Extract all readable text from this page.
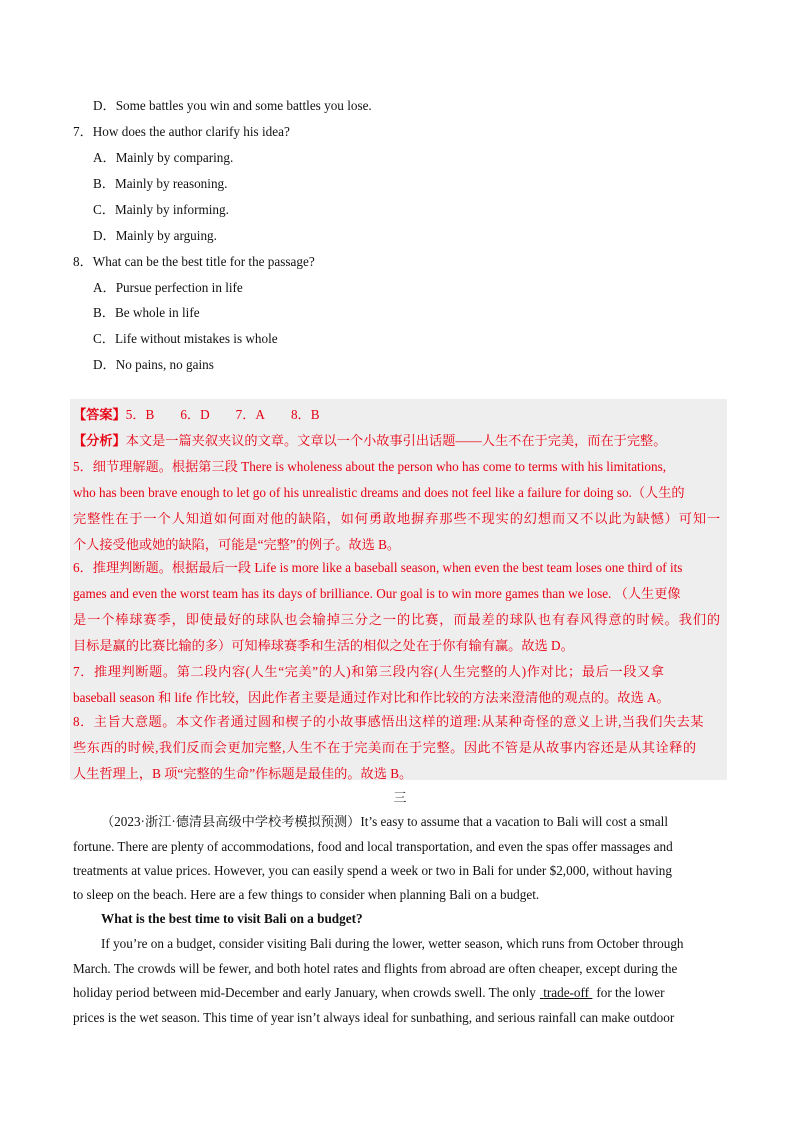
D．Some battles you win and some battles you lose.
7．How does the author clarify his idea?
A．Mainly by comparing.
B．Mainly by reasoning.
C．Mainly by informing.
D．Mainly by arguing.
8．What can be the best title for the passage?
A．Pursue perfection in life
B．Be whole in life
C．Life without mistakes is whole
D．No pains, no gains
【答案】5．B 6．D 7．A 8．B
【分析】本文是一篇夹叙夹议的文章。文章以一个小故事引出话题——人生不在于完美，而在于完整。
5．细节理解题。根据第三段 There is wholeness about the person who has come to terms with his limitations,
who has been brave enough to let go of his unrealistic dreams and does not feel like a failure for doing so.（人生的
完整性在于一个人知道如何面对他的缺陷，如何勇敢地摒弃那些不现实的幻想而又不以此为缺憾）可知一
个人接受他或她的缺陷，可能是“完整”的例子。故选 B。
6．推理判断题。根据最后一段 Life is more like a baseball season, when even the best team loses one third of its
games and even the worst team has its days of brilliance. Our goal is to win more games than we lose. （人生更像
是一个棒球赛季，即使最好的球队也会输掉三分之一的比赛，而最差的球队也有春风得意的时候。我们的
目标是赢的比赛比输的多）可知棒球赛季和生活的相似之处在于你有输有赢。故选 D。
7．推理判断题。第二段内容(人生“完美”的人)和第三段内容(人生完整的人)作对比；最后一段又拿
baseball season 和 life 作比较，因此作者主要是通过作对比和作比较的方法来澄清他的观点的。故选 A。
8．主旨大意题。本文作者通过圆和楔子的小故事感悟出这样的道理:从某种奇怪的意义上讲,当我们失去某
些东西的时候,我们反而会更加完整,人生不在于完美而在于完整。因此不管是从故事内容还是从其诠释的
人生哲理上，B 项“完整的生命”作标题是最佳的。故选 B。
三
（2023·浙江·德清县高级中学校考模拟预测）It’s easy to assume that a vacation to Bali will cost a small
fortune. There are plenty of accommodations, food and local transportation, and even the spas offer massages and
treatments at value prices. However, you can easily spend a week or two in Bali for under $2,000, without having
to sleep on the beach. Here are a few things to consider when planning Bali on a budget.
What is the best time to visit Bali on a budget?
If you’re on a budget, consider visiting Bali during the lower, wetter season, which runs from October through
March. The crowds will be fewer, and both hotel rates and flights from abroad are often cheaper, except during the
holiday period between mid-December and early January, when crowds swell. The only trade-off for the lower
prices is the wet season. This time of year isn’t always ideal for sunbathing, and serious rainfall can make outdoor
